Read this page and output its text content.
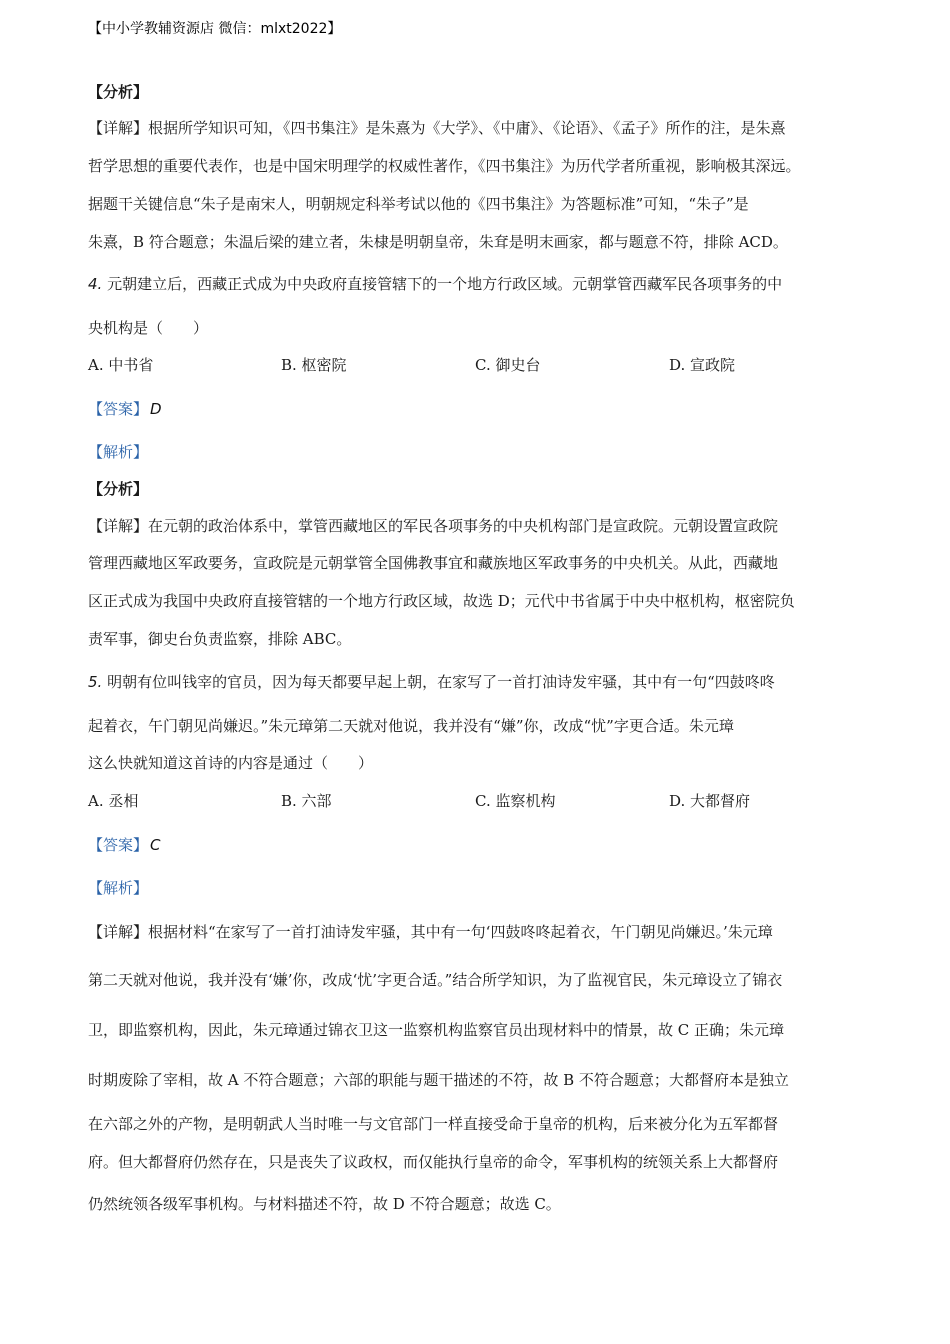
【中小学教辅资源店 微信：mlxt2022】
【分析】
【详解】根据所学知识可知，《四书集注》是朱熹为《大学》、《中庸》、《论语》、《孟子》所作的注，是朱熹
哲学思想的重要代表作，也是中国宋明理学的权威性著作，《四书集注》为历代学者所重视，影响极其深远。
据题干关键信息“朱子是南宋人，明朝规定科举考试以他的《四书集注》为答题标准”可知，“朱子”是
朱熹，B 符合题意；朱温后梁的建立者，朱棣是明朝皇帝，朱耷是明末画家，都与题意不符，排除 ACD。
4. 元朝建立后，西藏正式成为中央政府直接管辖下的一个地方行政区域。元朝掌管西藏军民各项事务的中
央机构是（　　）
A. 中书省	B. 枢密院	C. 御史台	D. 宣政院
【答案】 D
【解析】
【分析】
【详解】在元朝的政治体系中，掌管西藏地区的军民各项事务的中央机构部门是宣政院。元朝设置宣政院
管理西藏地区军政要务，宣政院是元朝掌管全国佛教事宜和藏族地区军政事务的中央机关。从此，西藏地
区正式成为我国中央政府直接管辖的一个地方行政区域，故选 D；元代中书省属于中央中枢机构，枢密院负
责军事，御史台负责监察，排除 ABC。
5. 明朝有位叫钱宰的官员，因为每天都要早起上朝，在家写了一首打油诗发牢骚，其中有一句“四鼓咚咚
起着衣，午门朝见尚嫌迟。”朱元璋第二天就对他说，我并没有“嫌”你，改成“忧”字更合适。朱元璋
这么快就知道这首诗的内容是通过（　　）
A. 丞相	B. 六部	C. 监察机构	D. 大都督府
【答案】 C
【解析】
【详解】根据材料“在家写了一首打油诗发牢骚，其中有一句‘四鼓咚咚起着衣，午门朝见尚嫌迟。’朱元璋
第二天就对他说，我并没有‘嫌’你，改成‘忧’字更合适。”结合所学知识，为了监视官民，朱元璋设立了锦衣
卫，即监察机构，因此，朱元璋通过锦衣卫这一监察机构监察官员出现材料中的情景，故 C 正确；朱元璋
时期废除了宰相，故 A 不符合题意；六部的职能与题干描述的不符，故 B 不符合题意；大都督府本是独立
在六部之外的产物，是明朝武人当时唯一与文官部门一样直接受命于皇帝的机构，后来被分化为五军都督
府。但大都督府仍然存在，只是丧失了议政权，而仅能执行皇帝的命令，军事机构的统领关系上大都督府
仍然统领各级军事机构。与材料描述不符，故 D 不符合题意；故选 C。
